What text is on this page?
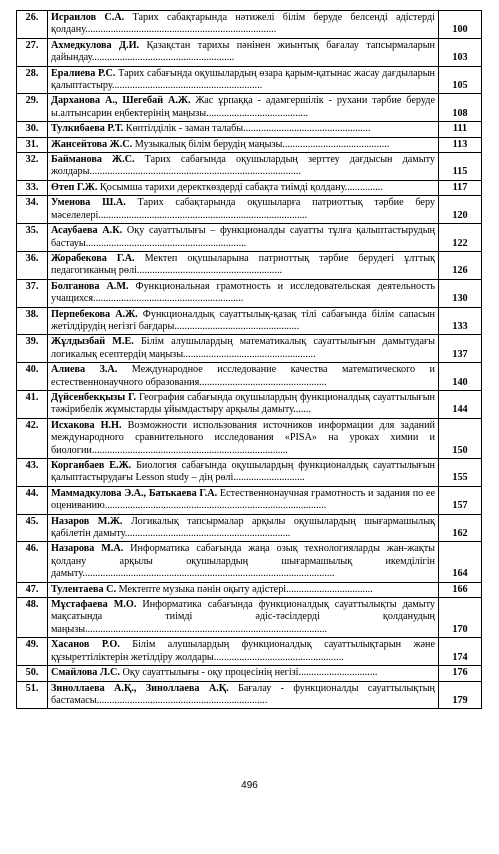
26.	Исраилов С.А. Тарих сабақтарында нәтижелі білім беруде белсенді әдістерді қолдану...........................................................................	100
27.	Ахмедкулова Д.И. Қазақстан тарихы пәнінен жиынтық бағалау тапсырмаларын дайындау........................................................	103
28.	Ералиева Р.С. Тарих сабағында оқушылардың өзара қарым-қатынас жасау дағдыларын қалыптастыру...........................................................	105
29.	Дарханова А., Шегебай А.Ж. Жас ұрпаққа - адамгершілік - рухани тәрбие беруде ы.алтынсарин еңбектерінің маңызы........................................	108
30.	Тулкибаева Р.Т. Көптілділік - заман талабы..................................................	111
31.	Жансейтова Ж.С. Музыкалық білім берудің маңызы..........................................	113
32.	Байманова Ж.С. Тарих сабағында оқушылардың зерттеу дағдысын дамыту жолдары...................................................................................	115
33.	Өтеп Г.Ж. Қосымша тарихи деректкөздерді сабақта тиімді қолдану...............	117
34.	Уменова Ш.А. Тарих сабақтарында оқушыларға патриоттық тәрбие беру мәселелері..................................................................................	120
35.	Асаубаева А.К. Оқу сауаттылығы – функционалды сауатты тұлға қалыптастырудың бастауы...............................................................	122
36.	Жорабекова Г.А. Мектеп оқушыларына патриоттық тәрбие берудегі ұлттық педагогиканың рөлі.........................................................	126
37.	Болганова А.М. Функциональная грамотность и исследовательская деятельность учащихся...........................................................	130
38.	Перпебекова А.Ж. Функционалдық сауаттылық-қазақ тілі сабағында білім сапасын жетілдірудің негізгі бағдары.................................................	133
39.	Жұлдызбай М.Е. Білім алушылардың математикалық сауаттылығын дамытудағы логикалық есептердің маңызы....................................................	137
40.	Алиева З.А. Международное исследование качества математического и естественнонаучного образования..................................................	140
41.	Дүйсенбекқызы Г. География сабағында оқушылардың функционалдық сауаттылығын тәжірибелік жұмыстарды ұйымдастыру арқылы дамыту.......	144
42.	Исхакова Н.Н. Возможности использования источников информации для заданий международного сравнительного исследования «PISA» на уроках химии и биологии.............................................................................	150
43.	Корганбаев Е.Ж. Биология сабағында оқушылардың функционалдық сауаттылығын қалыптастырудағы Lesson study – дің рөлі............................	155
44.	Маммадкулова Э.А., Батькаева Г.А. Естественнонаучная грамотность и задания по ее оцениванию.......................................................................................	157
45.	Назаров М.Ж. Логикалық тапсырмалар арқылы оқушылардың шығармашылық қабілетін дамыту.................................................................	162
46.	Назарова М.А. Информатика сабағында жаңа озық технологияларды жан-жақты қолдану арқылы оқушылардың шығармашылық икемділігін дамыту...................................................................................................	164
47.	Тулентаева С. Мектепте музыка пәнін оқыту әдістері..................................	166
48.	Мұстафаева М.О. Информатика сабағында функционалдық сауаттылықты дамыту мақсатында тиімді әдіс-тәсілдерді қолданудың маңызы...............................................................................................	170
49.	Хасанов Р.О. Білім алушылардың функционалдық сауаттылықтарын және құзыреттіліктерін жетілдіру жолдары...................................................	174
50.	Смайлова Л.С. Оқу сауаттылығы - оқу процесінің негізі...............................	176
51.	Зиноллаева А.Қ., Зиноллаева А.Қ. Бағалау - функционалды сауаттылықтың бастамасы...................................................................	179
496
